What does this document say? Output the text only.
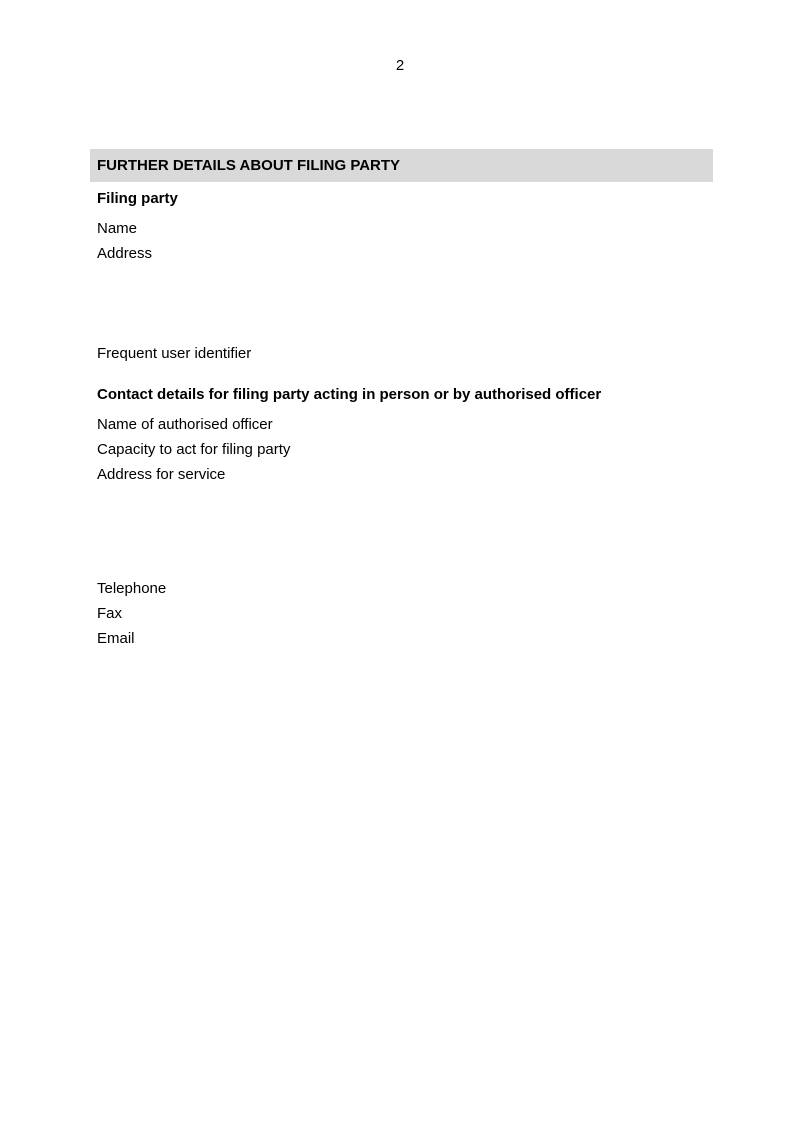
2
FURTHER DETAILS ABOUT FILING PARTY
Filing party
Name
Address
Frequent user identifier
Contact details for filing party acting in person or by authorised officer
Name of authorised officer
Capacity to act for filing party
Address for service
Telephone
Fax
Email
